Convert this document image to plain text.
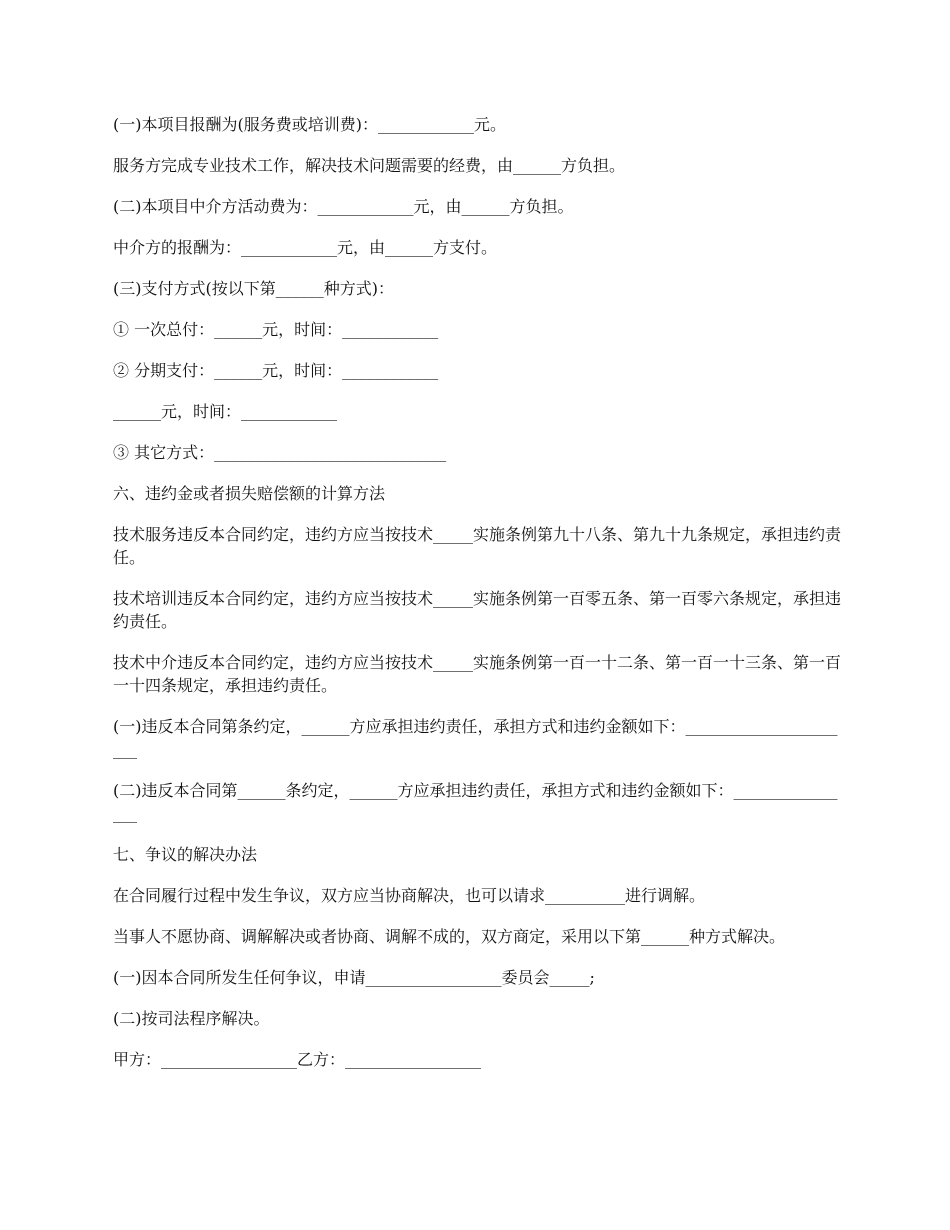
(一)本项目报酬为(服务费或培训费)：____________元。

服务方完成专业技术工作，解决技术问题需要的经费，由______方负担。

(二)本项目中介方活动费为：____________元，由______方负担。

中介方的报酬为：____________元，由______方支付。

(三)支付方式(按以下第______种方式)：

① 一次总付：______元，时间：____________

② 分期支付：______元，时间：____________

______元，时间：____________

③ 其它方式：_____________________________

六、违约金或者损失赔偿额的计算方法

技术服务违反本合同约定，违约方应当按技术_____实施条例第九十八条、第九十九条规定，承担违约责任。

技术培训违反本合同约定，违约方应当按技术_____实施条例第一百零五条、第一百零六条规定，承担违约责任。

技术中介违反本合同约定，违约方应当按技术_____实施条例第一百一十二条、第一百一十三条、第一百一十四条规定，承担违约责任。

(一)违反本合同第条约定，______方应承担违约责任，承担方式和违约金额如下：______________________

(二)违反本合同第______条约定，______方应承担违约责任，承担方式和违约金额如下：________________

七、争议的解决办法

在合同履行过程中发生争议，双方应当协商解决，也可以请求__________进行调解。

当事人不愿协商、调解解决或者协商、调解不成的，双方商定，采用以下第______种方式解决。

(一)因本合同所发生任何争议，申请_________________委员会_____;

(二)按司法程序解决。

甲方：_________________乙方：_________________
